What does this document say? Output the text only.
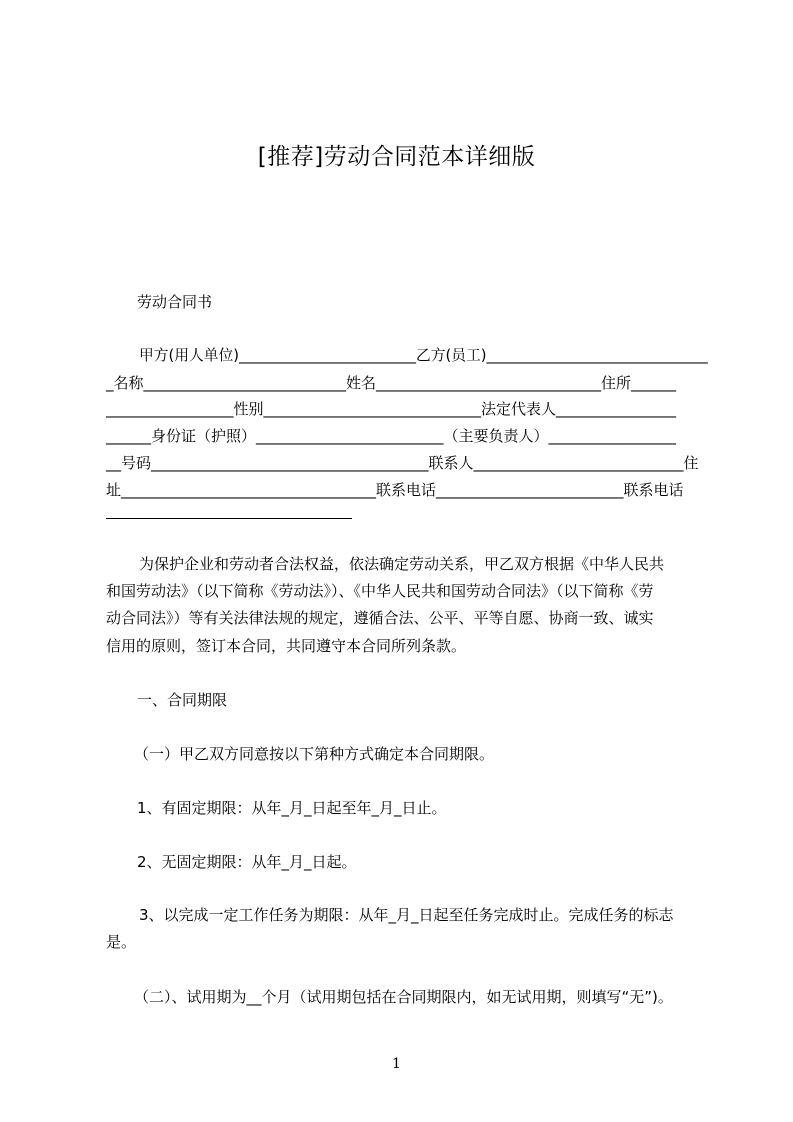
[推荐]劳动合同范本详细版
劳动合同书
甲方(用人单位)________________________乙方(员工)______________________________
_名称___________________________姓名______________________________住所______
_________________性别_____________________________法定代表人________________
______身份证（护照）_________________________（主要负责人）_________________
__号码_____________________________________联系人____________________________住
址__________________________________联系电话_________________________联系电话
为保护企业和劳动者合法权益，依法确定劳动关系，甲乙双方根据《中华人民共
和国劳动法》（以下简称《劳动法》）、《中华人民共和国劳动合同法》（以下简称《劳
动合同法》）等有关法律法规的规定，遵循合法、公平、平等自愿、协商一致、诚实
信用的原则，签订本合同，共同遵守本合同所列条款。
一、合同期限
（一）甲乙双方同意按以下第种方式确定本合同期限。
1、有固定期限：从年_月_日起至年_月_日止。
2、无固定期限：从年_月_日起。
3、以完成一定工作任务为期限：从年_月_日起至任务完成时止。完成任务的标志
是。
（二）、试用期为__个月（试用期包括在合同期限内，如无试用期，则填写“无”)。
1
